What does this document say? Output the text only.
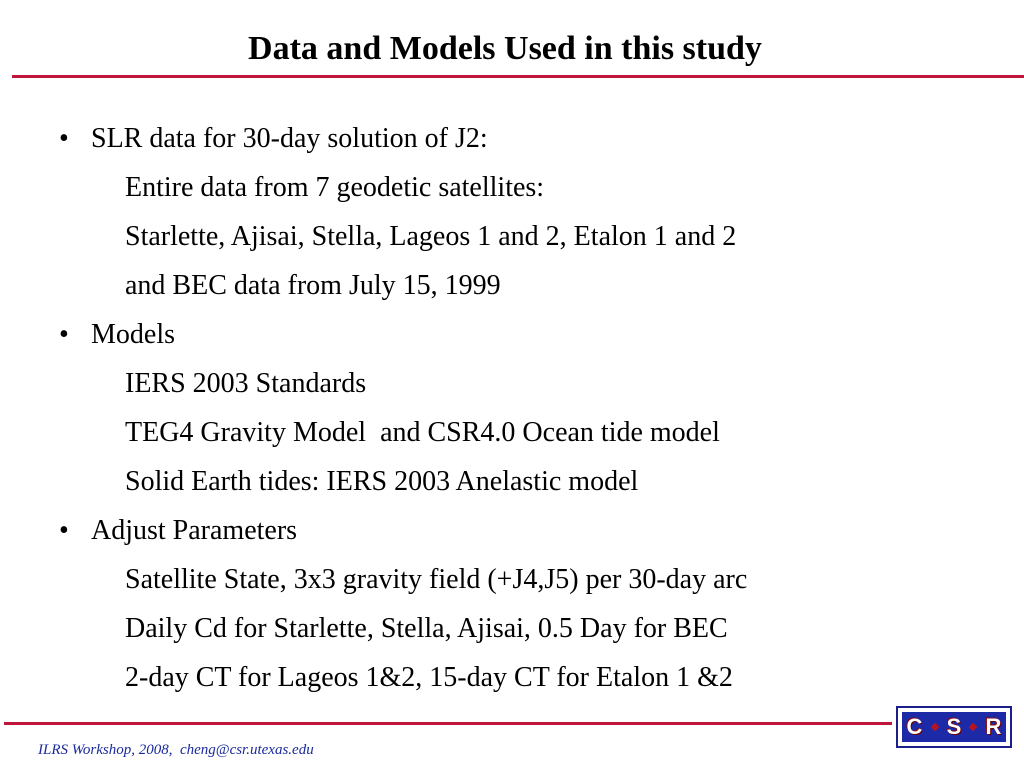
Data and Models Used in this study
• SLR data for 30-day solution of J2:
Entire data from 7 geodetic satellites:
Starlette, Ajisai, Stella, Lageos 1 and 2, Etalon 1 and 2
and BEC data from July 15, 1999
• Models
IERS 2003 Standards
TEG4 Gravity Model  and CSR4.0 Ocean tide model
Solid Earth tides: IERS 2003 Anelastic model
• Adjust Parameters
Satellite State, 3x3 gravity field (+J4,J5) per 30-day arc
Daily Cd for Starlette, Stella, Ajisai, 0.5 Day for BEC
2-day CT for Lageos 1&2, 15-day CT for Etalon 1 &2
ILRS Workshop, 2008,  cheng@csr.utexas.edu
C S R
